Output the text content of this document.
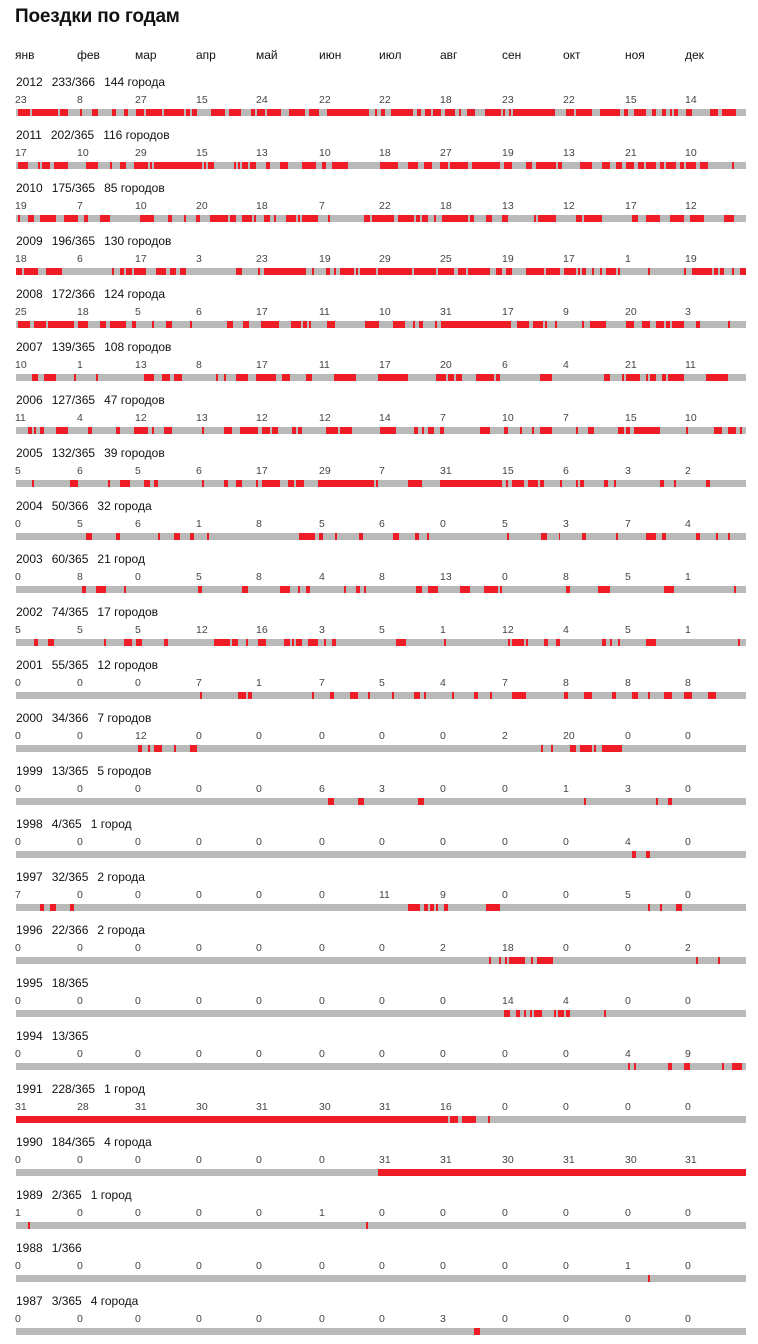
Поездки по годам
янв	фев	мар	апр	май	июн	июл	авг	сен	окт	ноя	дек
2012 233/366 144 города
23	8	27	15	24	22	22	18	23	22	15	14
2011 202/365 116 городов
17	10	29	15	13	10	18	27	19	13	21	10
2010 175/365 85 городов
19	7	10	20	18	7	22	18	13	12	17	12
2009 196/365 130 городов
18	6	17	3	23	19	29	25	19	17	1	19
2008 172/366 124 города
25	18	5	6	17	11	10	31	17	9	20	3
2007 139/365 108 городов
10	1	13	8	17	11	17	20	6	4	21	11
2006 127/365 47 городов
11	4	12	13	12	12	14	7	10	7	15	10
2005 132/365 39 городов
5	6	5	6	17	29	7	31	15	6	3	2
2004 50/366 32 города
0	5	6	1	8	5	6	0	5	3	7	4
2003 60/365 21 город
0	8	0	5	8	4	8	13	0	8	5	1
2002 74/365 17 городов
5	5	5	12	16	3	5	1	12	4	5	1
2001 55/365 12 городов
0	0	0	7	1	7	5	4	7	8	8	8
2000 34/366 7 городов
0	0	12	0	0	0	0	0	2	20	0	0
1999 13/365 5 городов
0	0	0	0	0	6	3	0	0	1	3	0
1998 4/365 1 город
0	0	0	0	0	0	0	0	0	0	4	0
1997 32/365 2 города
7	0	0	0	0	0	11	9	0	0	5	0
1996 22/366 2 города
0	0	0	0	0	0	0	2	18	0	0	2
1995 18/365
0	0	0	0	0	0	0	0	14	4	0	0
1994 13/365
0	0	0	0	0	0	0	0	0	0	4	9
1991 228/365 1 город
31	28	31	30	31	30	31	16	0	0	0	0
1990 184/365 4 города
0	0	0	0	0	0	31	31	30	31	30	31
1989 2/365 1 город
1	0	0	0	0	1	0	0	0	0	0	0
1988 1/366
0	0	0	0	0	0	0	0	0	0	1	0
1987 3/365 4 города
0	0	0	0	0	0	0	3	0	0	0	0
